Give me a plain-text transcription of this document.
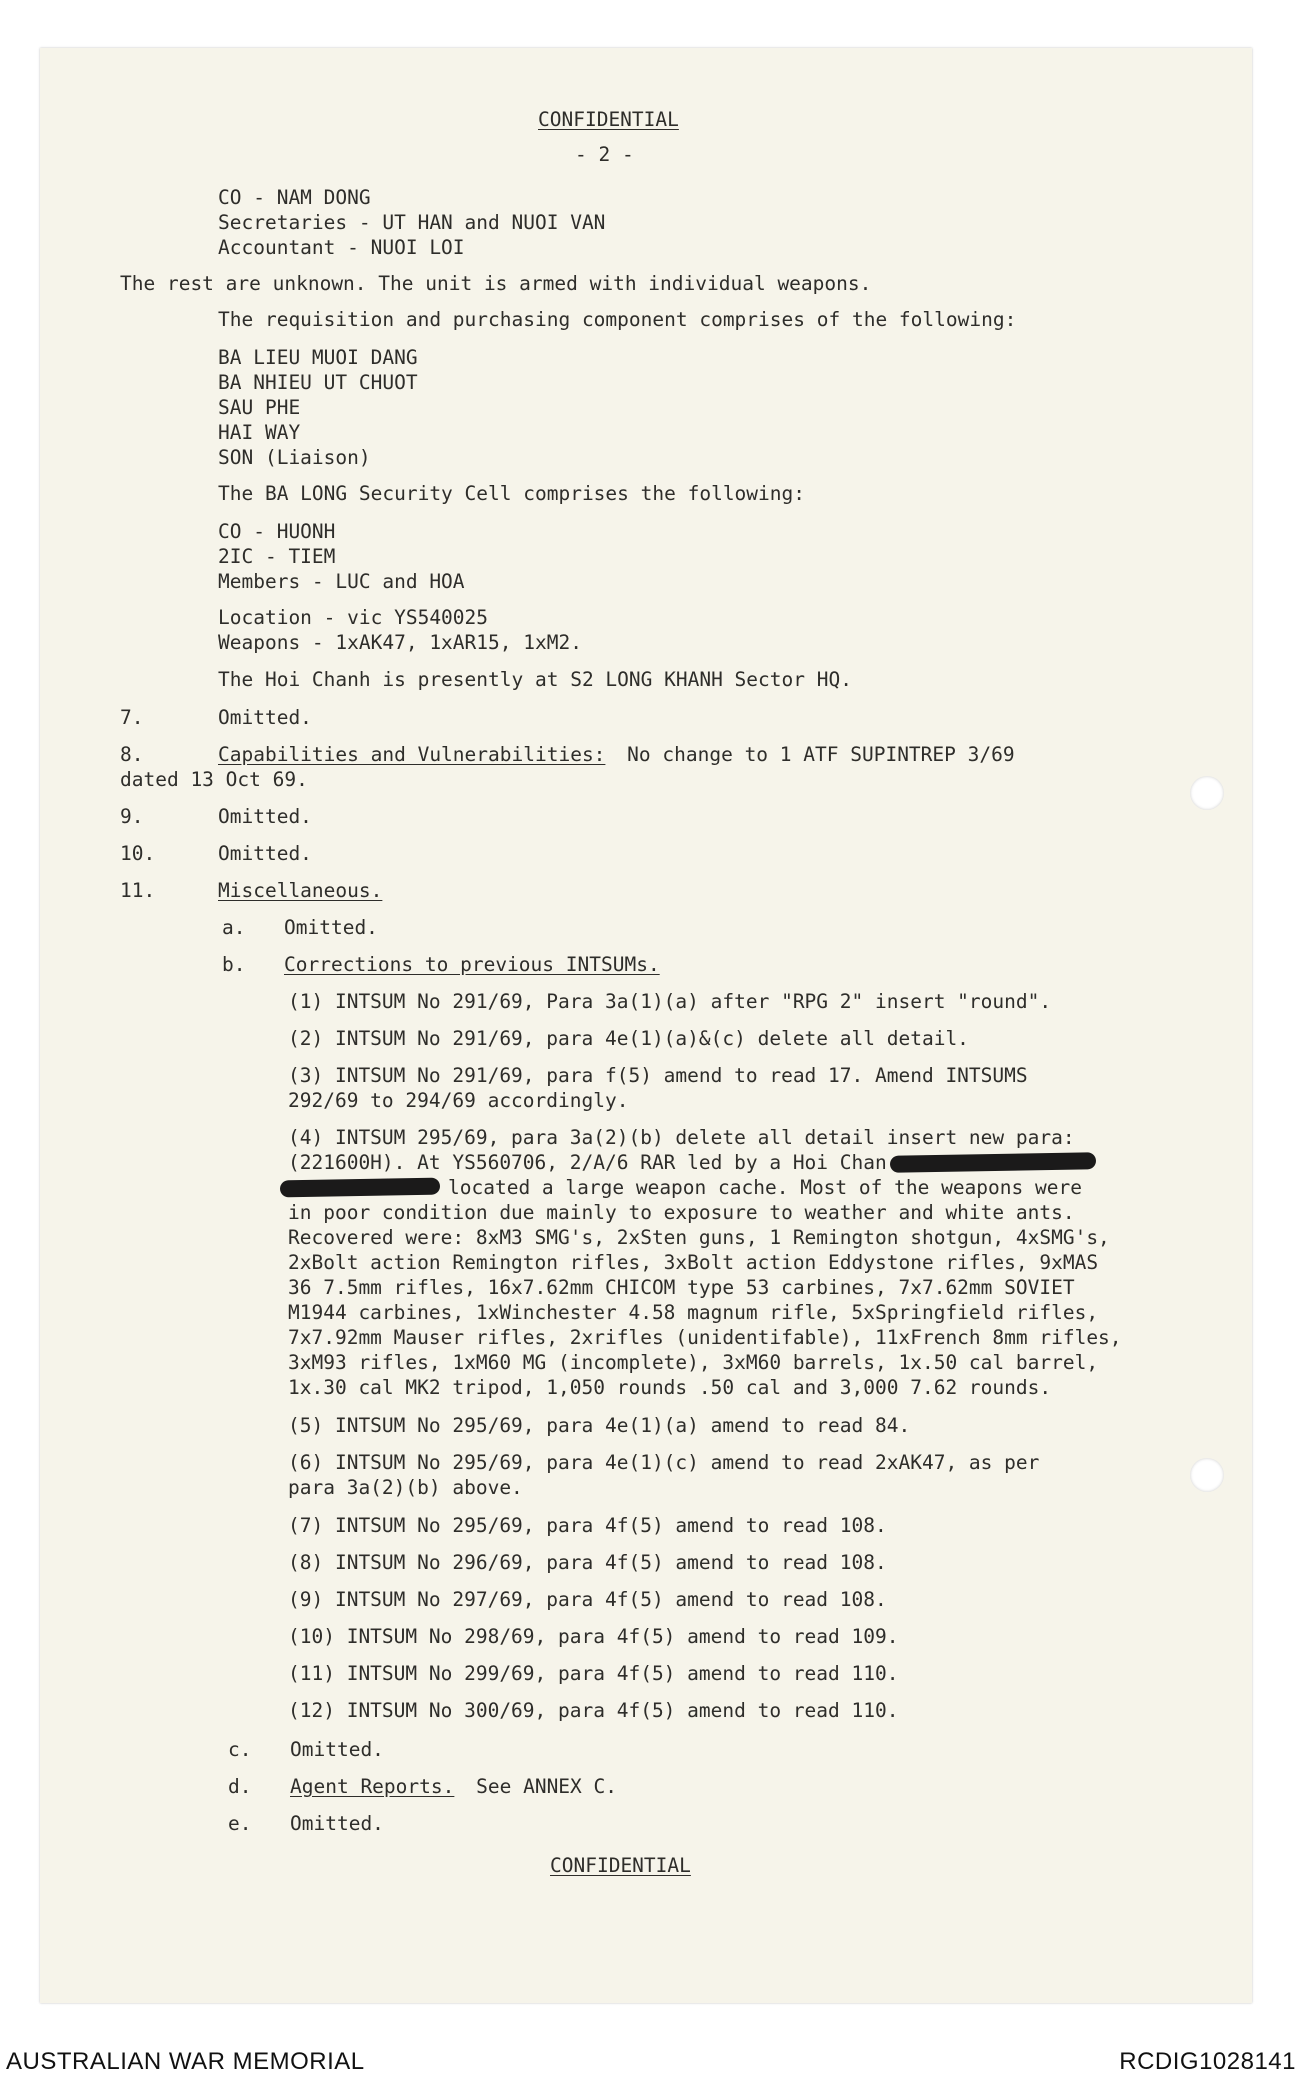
CONFIDENTIAL
- 2 -
CO - NAM DONG
Secretaries - UT HAN and NUOI VAN
Accountant - NUOI LOI
The rest are unknown. The unit is armed with individual weapons.
The requisition and purchasing component comprises of the following:
BA LIEU MUOI DANG
BA NHIEU UT CHUOT
SAU PHE
HAI WAY
SON (Liaison)
The BA LONG Security Cell comprises the following:
CO - HUONH
2IC - TIEM
Members - LUC and HOA
Location - vic YS540025
Weapons - 1xAK47, 1xAR15, 1xM2.
The Hoi Chanh is presently at S2 LONG KHANH Sector HQ.
7.	Omitted.
8.	Capabilities and Vulnerabilities: No change to 1 ATF SUPINTREP 3/69
dated 13 Oct 69.
9.	Omitted.
10.	Omitted.
11.	Miscellaneous.
a. Omitted.
b. Corrections to previous INTSUMs.
(1) INTSUM No 291/69, Para 3a(1)(a) after "RPG 2" insert "round".
(2) INTSUM No 291/69, para 4e(1)(a)&(c) delete all detail.
(3) INTSUM No 291/69, para f(5) amend to read 17. Amend INTSUMS
292/69 to 294/69 accordingly.
(4) INTSUM 295/69, para 3a(2)(b) delete all detail insert new para:
(221600H). At YS560706, 2/A/6 RAR led by a Hoi Chan
located a large weapon cache. Most of the weapons were
in poor condition due mainly to exposure to weather and white ants.
Recovered were: 8xM3 SMG's, 2xSten guns, 1 Remington shotgun, 4xSMG's,
2xBolt action Remington rifles, 3xBolt action Eddystone rifles, 9xMAS
36 7.5mm rifles, 16x7.62mm CHICOM type 53 carbines, 7x7.62mm SOVIET
M1944 carbines, 1xWinchester 4.58 magnum rifle, 5xSpringfield rifles,
7x7.92mm Mauser rifles, 2xrifles (unidentifable), 11xFrench 8mm rifles,
3xM93 rifles, 1xM60 MG (incomplete), 3xM60 barrels, 1x.50 cal barrel,
1x.30 cal MK2 tripod, 1,050 rounds .50 cal and 3,000 7.62 rounds.
(5) INTSUM No 295/69, para 4e(1)(a) amend to read 84.
(6) INTSUM No 295/69, para 4e(1)(c) amend to read 2xAK47, as per
para 3a(2)(b) above.
(7) INTSUM No 295/69, para 4f(5) amend to read 108.
(8) INTSUM No 296/69, para 4f(5) amend to read 108.
(9) INTSUM No 297/69, para 4f(5) amend to read 108.
(10) INTSUM No 298/69, para 4f(5) amend to read 109.
(11) INTSUM No 299/69, para 4f(5) amend to read 110.
(12) INTSUM No 300/69, para 4f(5) amend to read 110.
c. Omitted.
d. Agent Reports. See ANNEX C.
e. Omitted.
CONFIDENTIAL
AUSTRALIAN WAR MEMORIAL	RCDIG1028141
